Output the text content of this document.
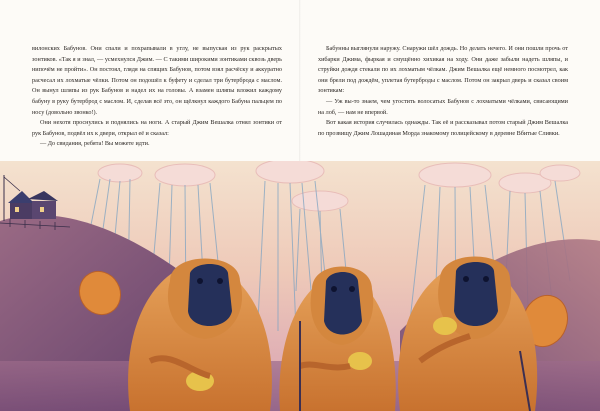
вилонских Бабунов. Они спали и похрапывали в углу, не выпуская из рук раскрытых зонтиков. «Так я и знал, — усмехнулся Джим. — С такими широкими зонтиками сквозь дверь нипочём не пройти». Он постоял, глядя на спящих Бабунов, потом взял расчёску и аккуратно расчесал их лохматые чёлки. Потом он подошёл к буфету и сделал три бутерброда с маслом. Он вынул шляпы из рук Бабунов и надел их на головы. А взамен шляпы вложил каждому бабуну в руку бутерброд с маслом. И, сделав всё это, он щёлкнул каждого Бабуна пальцем по носу (довольно звонко!).

Они нехотя проснулись и поднялись на ноги. А старый Джим Вешалка отнял зонтики от рук Бабунов, подвёл их к двери, открыл её и сказал:

— До свидания, ребята! Вы можете идти.

Бабунны выглянули наружу. Снаружи шёл дождь. Но делать нечего. И они пошли прочь от хибарки Джима, фыркая и смущённо хихикая на ходу. Они даже забыли надеть шляпы, и струйки дождя стекали по их лохматым чёлкам. Джим Вешалка ещё немного посмотрел, как они брели под дождём, уплетая бутерброды с маслом. Потом он закрыл дверь и сказал своим зонтикам:

— Уж вы-то знаем, чем угостить волосатых Бабунов с лохматыми чёлками, свисающими на лоб, — нам не впервой.

Вот какая история случилась однажды. Так её и рассказывал потом старый Джим Вешалка по прозвищу Джим Лошадиная Морда знакомому полицейскому в деревне Вбитые Сливки.
